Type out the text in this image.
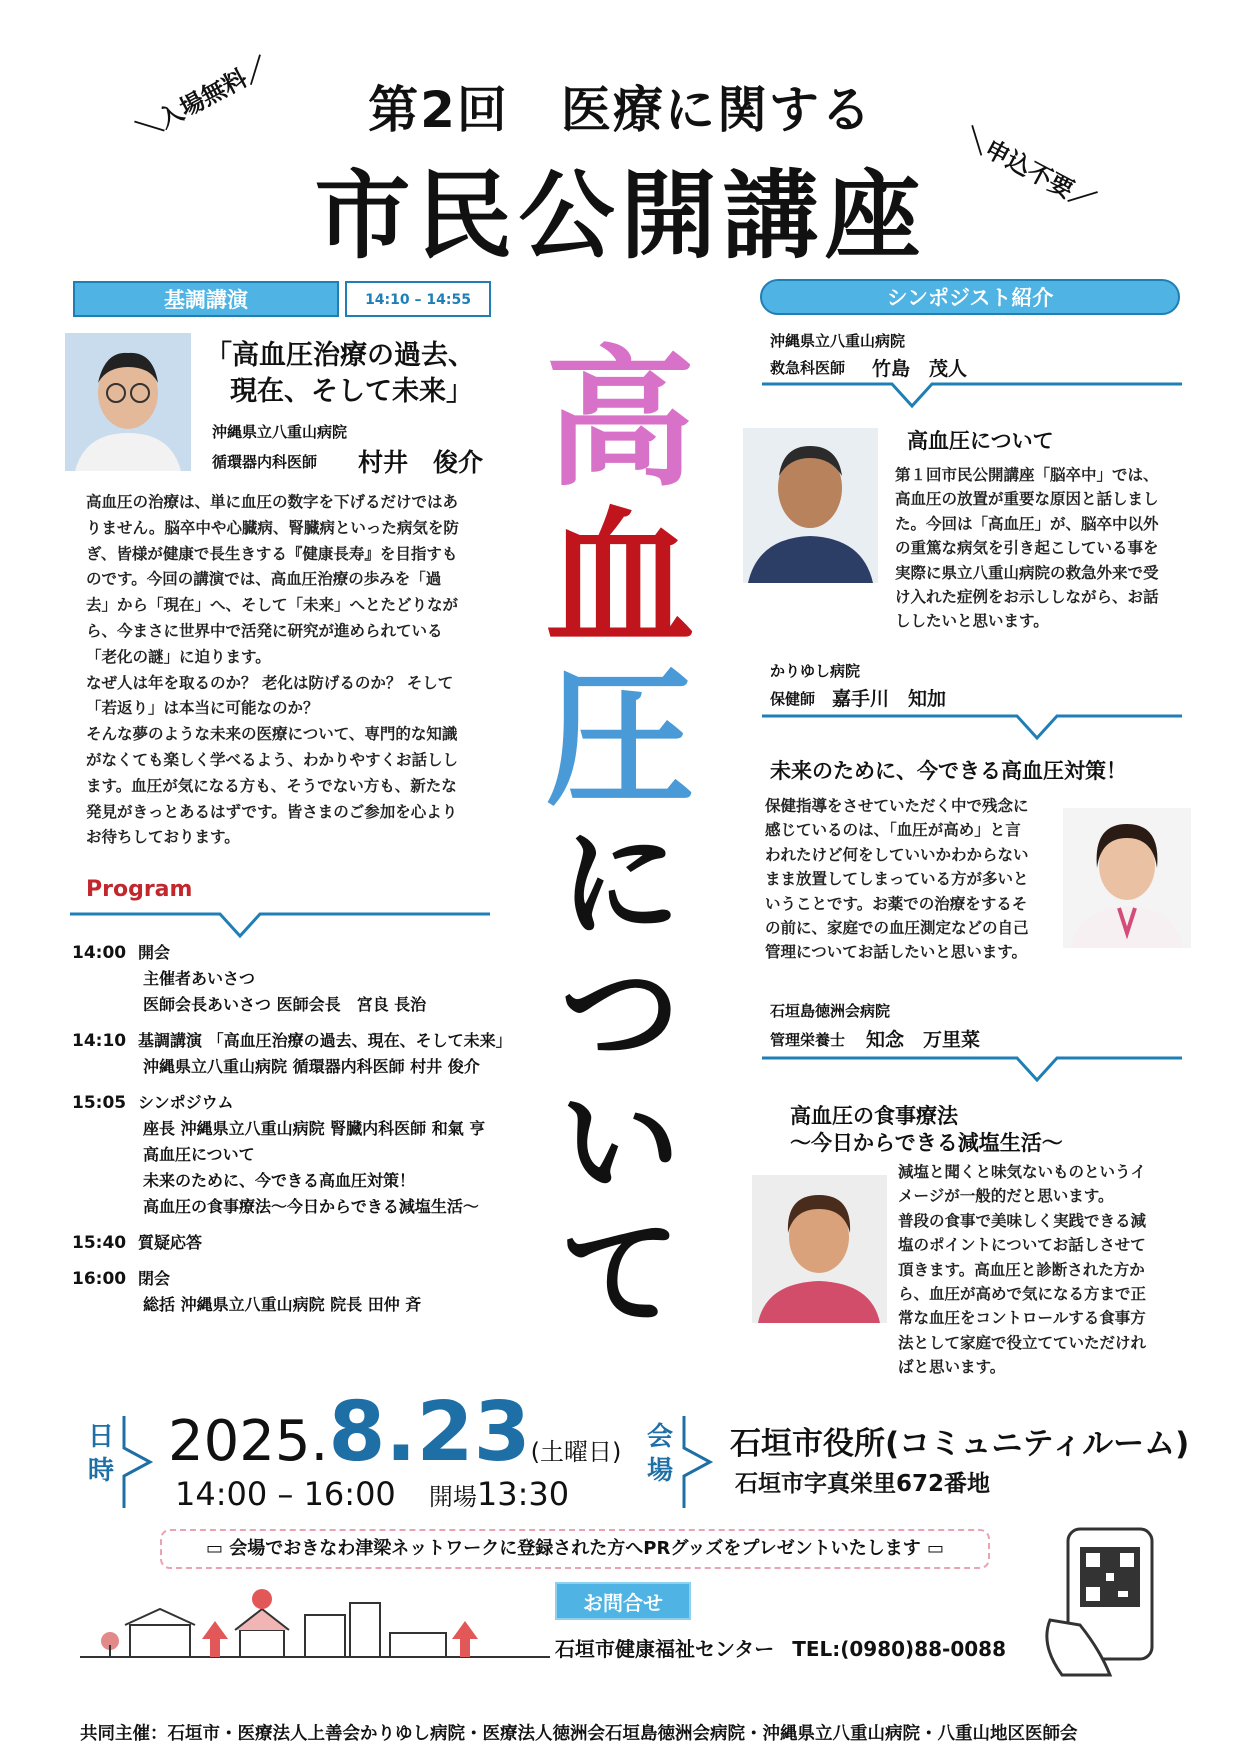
第2回　医療に関する
市民公開講座
＼入場無料／
＼申込不要／
基調講演	14:10 – 14:55
「高血圧治療の過去、
現在、そして未来」
沖縄県立八重山病院
循環器内科医師 村井　俊介
高血圧の治療は、単に血圧の数字を下げるだけではあ
りません。脳卒中や心臓病、腎臓病といった病気を防
ぎ、皆様が健康で長生きする『健康長寿』を目指すも
のです。今回の講演では、高血圧治療の歩みを「過
去」から「現在」へ、そして「未来」へとたどりなが
ら、今まさに世界中で活発に研究が進められている
「老化の謎」に迫ります。
なぜ人は年を取るのか？ 老化は防げるのか？ そして
「若返り」は本当に可能なのか？
そんな夢のような未来の医療について、専門的な知識
がなくても楽しく学べるよう、わかりやすくお話しし
ます。血圧が気になる方も、そうでない方も、新たな
発見がきっとあるはずです。皆さまのご参加を心より
お待ちしております。
Program
14:00 開会
主催者あいさつ
医師会長あいさつ 医師会長　宮良 長治
14:10 基調講演 「高血圧治療の過去、現在、そして未来」
沖縄県立八重山病院 循環器内科医師 村井 俊介
15:05 シンポジウム
座長 沖縄県立八重山病院 腎臓内科医師 和氣 亨
高血圧について
未来のために、今できる高血圧対策！
高血圧の食事療法～今日からできる減塩生活～
15:40 質疑応答
16:00 閉会
総括 沖縄県立八重山病院 院長 田仲 斉
高
血
圧
に
つ
い
て
シンポジスト紹介
沖縄県立八重山病院
救急科医師 竹島　茂人
高血圧について
第１回市民公開講座「脳卒中」では、
高血圧の放置が重要な原因と話しまし
た。今回は「高血圧」が、脳卒中以外
の重篤な病気を引き起こしている事を
実際に県立八重山病院の救急外来で受
け入れた症例をお示ししながら、お話
ししたいと思います。
かりゆし病院
保健師 嘉手川　知加
未来のために、今できる高血圧対策！
保健指導をさせていただく中で残念に
感じているのは、「血圧が高め」と言
われたけど何をしていいかわからない
まま放置してしまっている方が多いと
いうことです。お薬での治療をするそ
の前に、家庭での血圧測定などの自己
管理についてお話したいと思います。
石垣島徳洲会病院
管理栄養士 知念　万里菜
高血圧の食事療法
～今日からできる減塩生活～
減塩と聞くと味気ないものというイ
メージが一般的だと思います。
普段の食事で美味しく実践できる減
塩のポイントについてお話しさせて
頂きます。高血圧と診断された方か
ら、血圧が高めで気になる方まで正
常な血圧をコントロールする食事方
法として家庭で役立てていただけれ
ばと思います。
日
時 2025.8.23(土曜日)
14:00 – 16:00 開場13:30
会
場
石垣市役所(コミュニティルーム)
石垣市字真栄里672番地
▭ 会場でおきなわ津梁ネットワークに登録された方へPRグッズをプレゼントいたします ▭
お問合せ
石垣市健康福祉センター TEL:(0980)88-0088
共同主催：石垣市・医療法人上善会かりゆし病院・医療法人徳洲会石垣島徳洲会病院・沖縄県立八重山病院・八重山地区医師会
